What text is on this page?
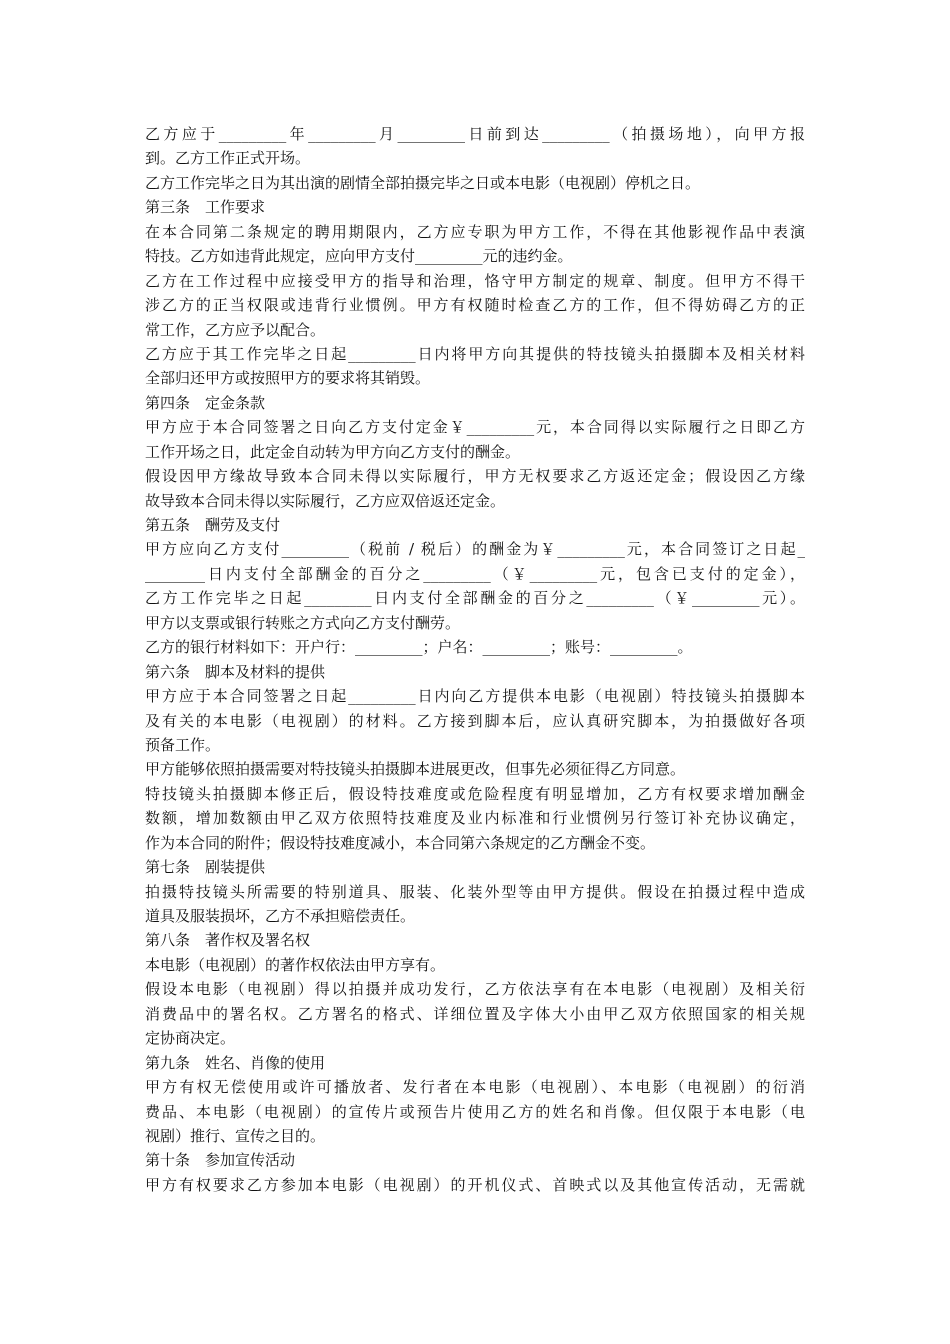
乙方应于_________年_________月_________日前到达_________（拍摄场地），向甲方报
到。乙方工作正式开场。
乙方工作完毕之日为其出演的剧情全部拍摄完毕之日或本电影（电视剧）停机之日。
第三条　工作要求
在本合同第二条规定的聘用期限内，乙方应专职为甲方工作，不得在其他影视作品中表演
特技。乙方如违背此规定，应向甲方支付_________元的违约金。
乙方在工作过程中应接受甲方的指导和治理，恪守甲方制定的规章、制度。但甲方不得干
涉乙方的正当权限或违背行业惯例。甲方有权随时检查乙方的工作，但不得妨碍乙方的正
常工作，乙方应予以配合。
乙方应于其工作完毕之日起_________日内将甲方向其提供的特技镜头拍摄脚本及相关材料
全部归还甲方或按照甲方的要求将其销毁。
第四条　定金条款
甲方应于本合同签署之日向乙方支付定金￥_________元，本合同得以实际履行之日即乙方
工作开场之日，此定金自动转为甲方向乙方支付的酬金。
假设因甲方缘故导致本合同未得以实际履行，甲方无权要求乙方返还定金；假设因乙方缘
故导致本合同未得以实际履行，乙方应双倍返还定金。
第五条　酬劳及支付
甲方应向乙方支付_________（税前 / 税后）的酬金为￥_________元，本合同签订之日起_
________日内支付全部酬金的百分之_________（￥_________元，包含已支付的定金），
乙方工作完毕之日起_________日内支付全部酬金的百分之_________（￥_________元）。
甲方以支票或银行转账之方式向乙方支付酬劳。
乙方的银行材料如下：开户行：_________；户名：_________；账号：_________。
第六条　脚本及材料的提供
甲方应于本合同签署之日起_________日内向乙方提供本电影（电视剧）特技镜头拍摄脚本
及有关的本电影（电视剧）的材料。乙方接到脚本后，应认真研究脚本，为拍摄做好各项
预备工作。
甲方能够依照拍摄需要对特技镜头拍摄脚本进展更改，但事先必须征得乙方同意。
特技镜头拍摄脚本修正后，假设特技难度或危险程度有明显增加，乙方有权要求增加酬金
数额，增加数额由甲乙双方依照特技难度及业内标准和行业惯例另行签订补充协议确定，
作为本合同的附件；假设特技难度减小，本合同第六条规定的乙方酬金不变。
第七条　剧装提供
拍摄特技镜头所需要的特别道具、服装、化装外型等由甲方提供。假设在拍摄过程中造成
道具及服装损坏，乙方不承担赔偿责任。
第八条　著作权及署名权
本电影（电视剧）的著作权依法由甲方享有。
假设本电影（电视剧）得以拍摄并成功发行，乙方依法享有在本电影（电视剧）及相关衍
消费品中的署名权。乙方署名的格式、详细位置及字体大小由甲乙双方依照国家的相关规
定协商决定。
第九条　姓名、肖像的使用
甲方有权无偿使用或许可播放者、发行者在本电影（电视剧）、本电影（电视剧）的衍消
费品、本电影（电视剧）的宣传片或预告片使用乙方的姓名和肖像。但仅限于本电影（电
视剧）推行、宣传之目的。
第十条　参加宣传活动
甲方有权要求乙方参加本电影（电视剧）的开机仪式、首映式以及其他宣传活动，无需就
